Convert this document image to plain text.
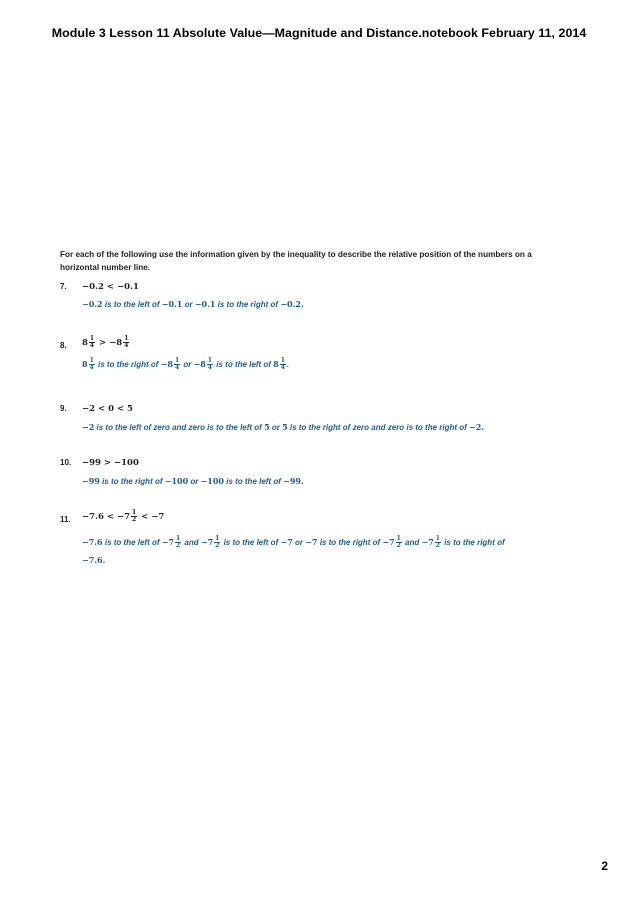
Module 3 Lesson 11 Absolute Value—Magnitude and Distance.notebook February 11, 2014
For each of the following use the information given by the inequality to describe the relative position of the numbers on a
horizontal number line.
7. −0.2 < −0.1
−0.2 is to the left of −0.1 or −0.1 is to the right of −0.2.
8. $8 \frac{1}{4} > -8 \frac{1}{4}$
$8 \frac{1}{4}$ is to the right of $-8 \frac{1}{4}$ or $-8 \frac{1}{4}$ is to the left of $8 \frac{1}{4}$ .
9. −2 < 0 < 5
−2 is to the left of zero and zero is to the left of 5 or 5 is to the right of zero and zero is to the right of −2.
10. −99 > −100
−99 is to the right of −100 or −100 is to the left of −99.
11. $-7.6 < -7 \frac{1}{2} < -7$
−7.6 is to the left of $-7 \frac{1}{2}$ and $-7 \frac{1}{2}$ is to the left of −7 or −7 is to the right of $-7 \frac{1}{2}$ and $-7 \frac{1}{2}$ is to the right of
−7.6.
2
